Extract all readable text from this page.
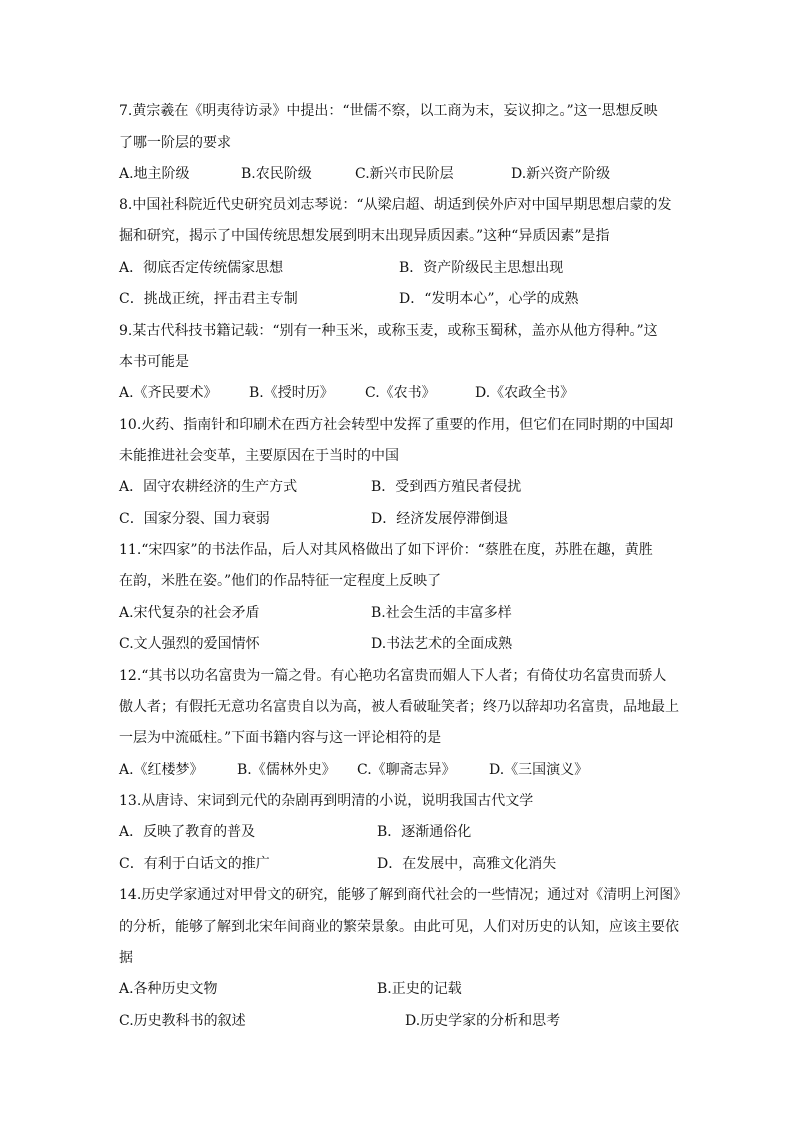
7.黄宗羲在《明夷待访录》中提出：“世儒不察，以工商为末，妄议抑之。”这一思想反映
了哪一阶层的要求
A.地主阶级	B.农民阶级	C.新兴市民阶层	D.新兴资产阶级
8.中国社科院近代史研究员刘志琴说：“从梁启超、胡适到侯外庐对中国早期思想启蒙的发
掘和研究，揭示了中国传统思想发展到明末出现异质因素。”这种“异质因素”是指
A．彻底否定传统儒家思想	B．资产阶级民主思想出现
C．挑战正统，抨击君主专制	D．“发明本心”，心学的成熟
9.某古代科技书籍记载：“别有一种玉米，或称玉麦，或称玉蜀秫，盖亦从他方得种。”这
本书可能是
A.《齐民要术》 B.《授时历》 C.《农书》	D.《农政全书》
10.火药、指南针和印刷术在西方社会转型中发挥了重要的作用，但它们在同时期的中国却
未能推进社会变革，主要原因在于当时的中国
A．固守农耕经济的生产方式	B．受到西方殖民者侵扰
C．国家分裂、国力衰弱	D．经济发展停滞倒退
11.“宋四家”的书法作品，后人对其风格做出了如下评价：“蔡胜在度，苏胜在趣，黄胜
在韵，米胜在姿。”他们的作品特征一定程度上反映了
A.宋代复杂的社会矛盾	B.社会生活的丰富多样
C.文人强烈的爱国情怀	D.书法艺术的全面成熟
12.“其书以功名富贵为一篇之骨。有心艳功名富贵而媚人下人者；有倚仗功名富贵而骄人
傲人者；有假托无意功名富贵自以为高，被人看破耻笑者；终乃以辞却功名富贵，品地最上
一层为中流砥柱。”下面书籍内容与这一评论相符的是
A.《红楼梦》 B.《儒林外史》 C.《聊斋志异》 D.《三国演义》
13.从唐诗、宋词到元代的杂剧再到明清的小说，说明我国古代文学
A．反映了教育的普及	B．逐渐通俗化
C．有利于白话文的推广	D．在发展中，高雅文化消失
14.历史学家通过对甲骨文的研究，能够了解到商代社会的一些情况；通过对《清明上河图》
的分析，能够了解到北宋年间商业的繁荣景象。由此可见，人们对历史的认知，应该主要依
据
A.各种历史文物	B.正史的记载
C.历史教科书的叙述	D.历史学家的分析和思考
